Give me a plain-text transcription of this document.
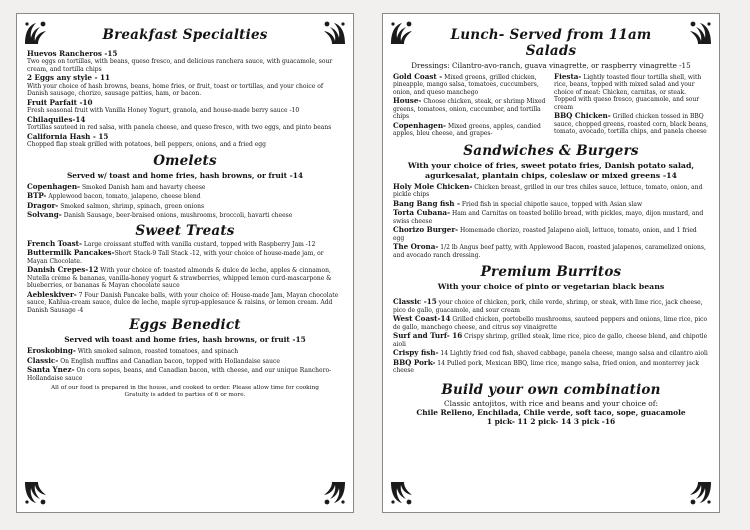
Breakfast Specialties
Huevos Rancheros -15
Two eggs on tortillas, with beans, queso fresco, and delicious ranchera sauce, with guacamole, sour cream, and tortilla chips
2 Eggs any style - 11
With your choice of hash browns, beans, home fries, or fruit, toast or tortillas, and your choice of Danish sausage, chorizo, sausage patties, ham, or bacon.
Fruit Parfait -10
Fresh seasonal fruit with Vanilla Honey Yogurt, granola, and house-made berry sauce -10
Chilaquiles-14
Tortillas sauteed in red salsa, with panela cheese, and queso fresco, with two eggs, and pinto beans
California Hash - 15
Chopped flap steak grilled with potatoes, bell peppers, onions, and a fried egg
Omelets
Served w/ toast and home fries, hash browns, or fruit -14
Copenhagen- Smoked Danish ham and havarty cheese
BTP- Applewood bacon, tomato, jalapeno, cheese blend
Dragor- Smoked salmon, shrimp, spinach, green onions
Solvang- Danish Sausage, beer-braised onions, mushrooms, broccoli, havarti cheese
Sweet Treats
French Toast- Large croissant stuffed with vanilla custard, topped with Raspberry Jam -12
Buttermilk Pancakes-Short Stack-9 Tall Stack -12, with your choice of house-made jam, or Mayan Chocolate.
Danish Crepes-12 With your choice of: toasted almonds & dulce de leche, apples & cinnamon, Nutella crème & bananas, vanilla-honey yogurt & strawberries, whipped lemon curd-mascarpone & blueberries, or bananas & Mayan chocolate sauce
Aebleskiver- 7 Four Danish Pancake balls, with your choice of: House-made Jam, Mayan chocolate sauce, Kahlua-cream sauce, dulce de leche, maple syrup-applesauce & raisins, or lemon cream. Add Danish Sausage -4
Eggs Benedict
Served wih toast and home fries, hash browns, or fruit -15
Eroskobing- With smoked salmon, roasted tomatoes, and spinach
Classic- On English muffins and Canadian bacon, topped with Hollandaise sauce
Santa Ynez- On corn sopes, beans, and Canadian bacon, with cheese, and our unique Ranchero-Hollandaise sauce
All of our food is prepared in the house, and cooked to order. Please allow time for cooking
Gratuity is added to parties of 6 or more.
Lunch- Served from 11am
Salads
Dressings: Cilantro-avo-ranch, guava vinagrette, or raspberry vinagrette -15
Gold Coast - Mixed greens, grilled chicken, pineapple, mango salsa, tomatoes, cuccumbers, onion, and queso manchego
House- Choose chicken, steak, or shrimp Mixed greens, tomatoes, onion, cuccumber, and tortilla chips
Copenhagen- Mixed greens, apples, candied apples, bleu cheese, and grapes-
Fiesta- Lightly toasted flour tortilla shell, with rice, beans, topped with mixed salad and your choice of meat: Chicken, carnitas, or steak. Topped with queso fresco, guacamole, and sour cream
BBQ Chicken- Grilled chicken tossed in BBQ sauce, chopped greens, roasted corn, black beans, tomato, avocado, tortilla chips, and panela cheese
Sandwiches & Burgers
With your choice of fries, sweet potato fries, Danish potato salad, agurkesalat, plantain chips, coleslaw or mixed greens -14
Holy Mole Chicken- Chicken breast, grilled in our tres chiles sauce, lettuce, tomato, onion, and pickle chips
Bang Bang fish - Fried fish in special chipotle sauce, topped with Asian slaw
Torta Cubana- Ham and Carnitas on toasted bolillo bread, with pickles, mayo, dijon mustard, and swiss cheese
Chorizo Burger- Homemade chorizo, roasted Jalapeno aioli, lettuce, tomato, onion, and 1 fried egg
The Orona- 1/2 lb Angus beef patty, with Applewood Bacon, roasted jalapenos, caramelized onions, and avocado ranch dressing.
Premium Burritos
With your choice of pinto or vegetarian black beans
Classic -15 your choice of chicken, pork, chile verde, shrimp, or steak, with lime ricc, jack cheese, pico de gallo, guacamole, and sour cream
West Coast-14 Grilled chicken, portobello mushrooms, sauteed peppers and onions, lime rice, pico de gallo, manchego cheese, and citrus soy vinaigrette
Surf and Turf- 16 Crispy shrimp, grilled steak, lime rice, pico de gallo, cheese blend, and chipotle aioli
Crispy fish- 14 Lightly fried cod fish, shaved cabbage, panela cheese, mango salsa and cilantro aioli
BBQ Pork- 14 Pulled pork, Mexican BBQ, lime rice, mango salsa, fried onion, and monterrey jack cheese
Build your own combination
Classic antojitos, with rice and beans and your choice of:
Chile Relleno, Enchilada, Chile verde, soft taco, sope, guacamole
1 pick- 11 2 pick- 14 3 pick -16
